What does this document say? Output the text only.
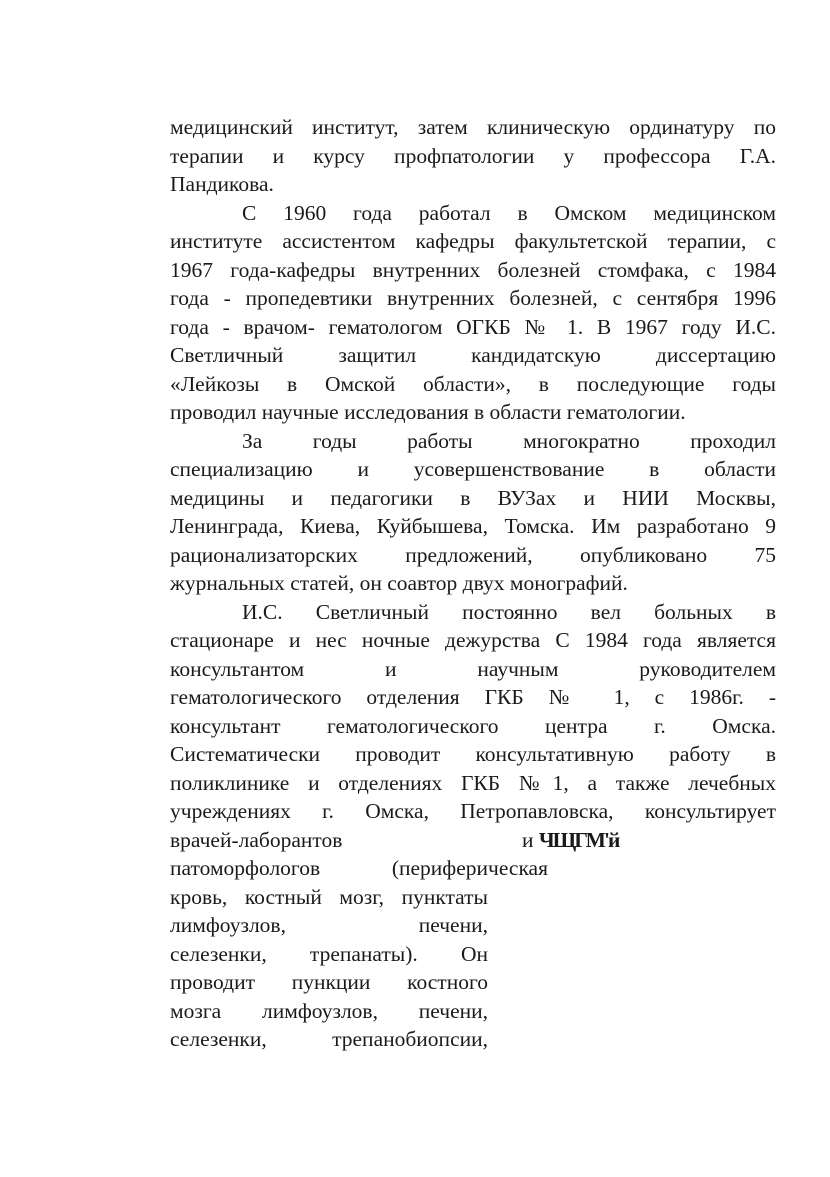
медицинский институт, затем клиническую ординатуру по
терапии и курсу профпатологии у профессора Г.А.
Пандикова.
С 1960 года работал в Омском медицинском
институте ассистентом кафедры факультетской терапии, с
1967 года-кафедры внутренних болезней стомфака, с 1984
года - пропедевтики внутренних болезней, с сентября 1996
года - врачом- гематологом ОГКБ № 1. В 1967 году И.С.
Светличный защитил кандидатскую диссертацию
«Лейкозы в Омской области», в последующие годы
проводил научные исследования в области гематологии.
За годы работы многократно проходил
специализацию и усовершенствование в области
медицины и педагогики в ВУЗах и НИИ Москвы,
Ленинграда, Киева, Куйбышева, Томска. Им разработано 9
рационализаторских предложений, опубликовано 75
журнальных статей, он соавтор двух монографий.
И.С. Светличный постоянно вел больных в
стационаре и нес ночные дежурства С 1984 года является
консультантом и научным руководителем
гематологического отделения ГКБ № 1, с 1986г. -
консультант гематологического центра г. Омска.
Систематически проводит консультативную работу в
поликлинике и отделениях ГКБ №1, а также лечебных
учреждениях г. Омска, Петропавловска, консультирует
врачей-лаборантов	и ЧЩГМ'й
патоморфологов (периферическая
кровь, костный мозг, пунктаты
лимфоузлов, печени,
селезенки, трепанаты). Он
проводит пункции костного
мозга лимфоузлов, печени,
селезенки, трепанобиопсии,
